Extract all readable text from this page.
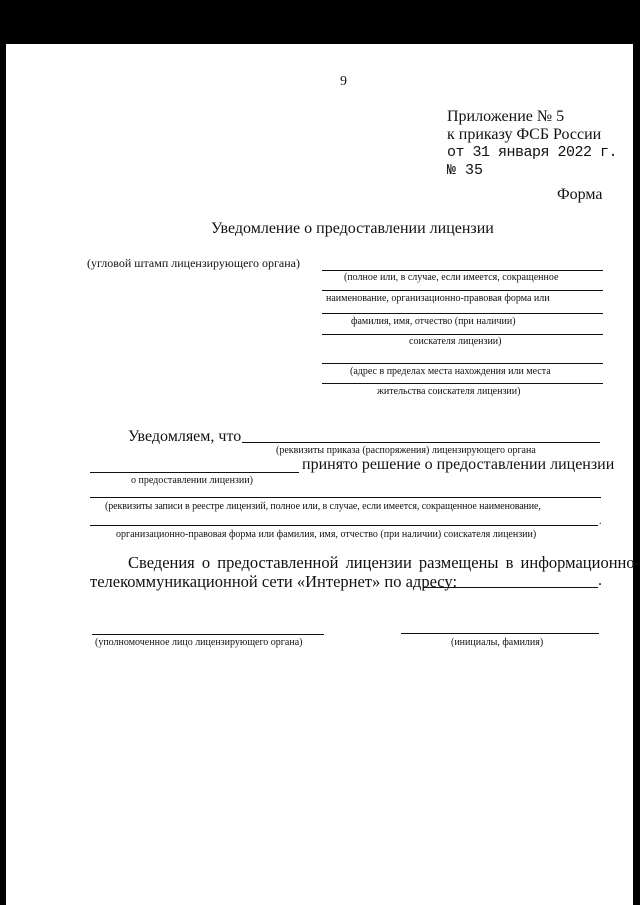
9
Приложение № 5
к приказу ФСБ России
от 31 января 2022 г.
№ 35
Форма
Уведомление о предоставлении лицензии
(угловой штамп лицензирующего органа)
(полное или, в случае, если имеется, сокращенное
наименование, организационно-правовая форма или
фамилия, имя, отчество (при наличии)
соискателя лицензии)
(адрес в пределах места нахождения или места
жительства соискателя лицензии)
Уведомляем, что
(реквизиты приказа (распоряжения) лицензирующего органа
принято решение о предоставлении лицензии
о предоставлении лицензии)
(реквизиты записи в реестре лицензий, полное или, в случае, если имеется, сокращенное наименование,
.
организационно-правовая форма или фамилия, имя, отчество (при наличии) соискателя лицензии)
Сведения о предоставленной лицензии размещены в информационно-
телекоммуникационной сети «Интернет» по адресу:	.
(уполномоченное лицо лицензирующего органа)	(инициалы, фамилия)
